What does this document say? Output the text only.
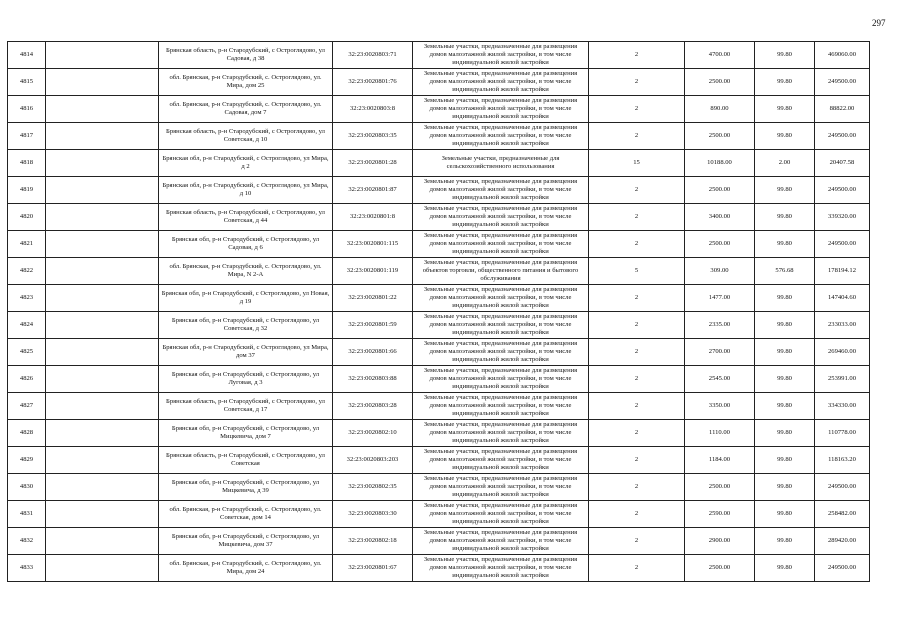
297
4814		Брянская область, р-н Стародубский, с Остроглядово, ул Садовая, д 38	32:23:0020803:71	Земельные участки, предназначенные для размещения домов малоэтажной жилой застройки, в том числе индивидуальной жилой застройки	2	4700.00	99.80	469060.00
4815		обл. Брянская, р-н Стародубский, с. Остроглядово, ул. Мира, дом 25	32:23:0020801:76	Земельные участки, предназначенные для размещения домов малоэтажной жилой застройки, в том числе индивидуальной жилой застройки	2	2500.00	99.80	249500.00
4816		обл. Брянская, р-н Стародубский, с. Остроглядово, ул. Садовая, дом 7	32:23:0020803:8	Земельные участки, предназначенные для размещения домов малоэтажной жилой застройки, в том числе индивидуальной жилой застройки	2	890.00	99.80	88822.00
4817		Брянская область, р-н Стародубский, с Остроглядово, ул Советская, д 10	32:23:0020803:35	Земельные участки, предназначенные для размещения домов малоэтажной жилой застройки, в том числе индивидуальной жилой застройки	2	2500.00	99.80	249500.00
4818		Брянская обл, р-н Стародубский, с Остроглядово, ул Мира, д 2	32:23:0020801:28	Земельные участки, предназначенные для сельскохозяйственного использования	15	10188.00	2.00	20407.58
4819		Брянская обл, р-н Стародубский, с Остроглядово, ул Мира, д 10	32:23:0020801:87	Земельные участки, предназначенные для размещения домов малоэтажной жилой застройки, в том числе индивидуальной жилой застройки	2	2500.00	99.80	249500.00
4820		Брянская область, р-н Стародубский, с Остроглядово, ул Советская, д 44	32:23:0020801:8	Земельные участки, предназначенные для размещения домов малоэтажной жилой застройки, в том числе индивидуальной жилой застройки	2	3400.00	99.80	339320.00
4821		Брянская обл, р-н Стародубский, с Остроглядово, ул Садовая, д 6	32:23:0020801:115	Земельные участки, предназначенные для размещения домов малоэтажной жилой застройки, в том числе индивидуальной жилой застройки	2	2500.00	99.80	249500.00
4822		обл. Брянская, р-н Стародубский, с. Остроглядово, ул. Мира, N 2-А	32:23:0020801:119	Земельные участки, предназначенные для размещения объектов торговли, общественного питания и бытового обслуживания	5	309.00	576.68	178194.12
4823		Брянская обл, р-н Стародубский, с Остроглядово, ул Новая, д 19	32:23:0020801:22	Земельные участки, предназначенные для размещения домов малоэтажной жилой застройки, в том числе индивидуальной жилой застройки	2	1477.00	99.80	147404.60
4824		Брянская обл, р-н Стародубский, с Остроглядово, ул Советская, д 32	32:23:0020801:59	Земельные участки, предназначенные для размещения домов малоэтажной жилой застройки, в том числе индивидуальной жилой застройки	2	2335.00	99.80	233033.00
4825		Брянская обл, р-н Стародубский, с Остроглядово, ул Мира, дом 37	32:23:0020801:66	Земельные участки, предназначенные для размещения домов малоэтажной жилой застройки, в том числе индивидуальной жилой застройки	2	2700.00	99.80	269460.00
4826		Брянская обл, р-н Стародубский, с Остроглядово, ул Луговая, д 3	32:23:0020803:88	Земельные участки, предназначенные для размещения домов малоэтажной жилой застройки, в том числе индивидуальной жилой застройки	2	2545.00	99.80	253991.00
4827		Брянская область, р-н Стародубский, с Остроглядово, ул Советская, д 17	32:23:0020803:28	Земельные участки, предназначенные для размещения домов малоэтажной жилой застройки, в том числе индивидуальной жилой застройки	2	3350.00	99.80	334330.00
4828		Брянская обл, р-н Стародубский, с Остроглядово, ул Мицкевича, дом 7	32:23:0020802:10	Земельные участки, предназначенные для размещения домов малоэтажной жилой застройки, в том числе индивидуальной жилой застройки	2	1110.00	99.80	110778.00
4829		Брянская область, р-н Стародубский, с Остроглядово, ул Советская	32:23:0020803:203	Земельные участки, предназначенные для размещения домов малоэтажной жилой застройки, в том числе индивидуальной жилой застройки	2	1184.00	99.80	118163.20
4830		Брянская обл, р-н Стародубский, с Остроглядово, ул Мицкевича, д 39	32:23:0020802:35	Земельные участки, предназначенные для размещения домов малоэтажной жилой застройки, в том числе индивидуальной жилой застройки	2	2500.00	99.80	249500.00
4831		обл. Брянская, р-н Стародубский, с. Остроглядово, ул. Советская, дом 14	32:23:0020803:30	Земельные участки, предназначенные для размещения домов малоэтажной жилой застройки, в том числе индивидуальной жилой застройки	2	2590.00	99.80	258482.00
4832		Брянская обл, р-н Стародубский, с Остроглядово, ул Мицкевича, дом 37	32:23:0020802:18	Земельные участки, предназначенные для размещения домов малоэтажной жилой застройки, в том числе индивидуальной жилой застройки	2	2900.00	99.80	289420.00
4833		обл. Брянская, р-н Стародубский, с. Остроглядово, ул. Мира, дом 24	32:23:0020801:67	Земельные участки, предназначенные для размещения домов малоэтажной жилой застройки, в том числе индивидуальной жилой застройки	2	2500.00	99.80	249500.00
